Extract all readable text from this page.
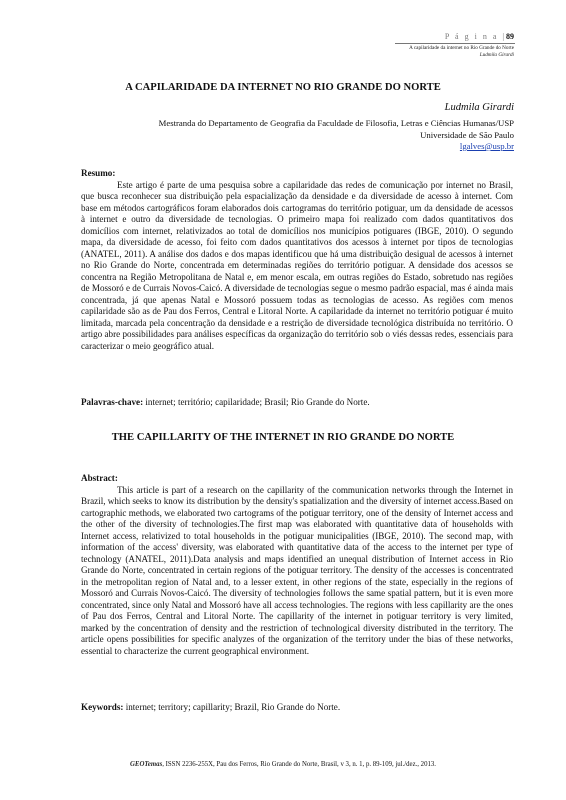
P á g i n a |89
A capilaridade da internet no Rio Grande do Norte
Ludmila Girardi
A CAPILARIDADE DA INTERNET NO RIO GRANDE DO NORTE
Ludmila Girardi
Mestranda do Departamento de Geografia da Faculdade de Filosofia, Letras e Ciências Humanas/USP
Universidade de São Paulo
lgalves@usp.br
Resumo:

Este artigo é parte de uma pesquisa sobre a capilaridade das redes de comunicação por internet no Brasil, que busca reconhecer sua distribuição pela espacialização da densidade e da diversidade de acesso à internet. Com base em métodos cartográficos foram elaborados dois cartogramas do território potiguar, um da densidade de acessos à internet e outro da diversidade de tecnologias. O primeiro mapa foi realizado com dados quantitativos dos domicílios com internet, relativizados ao total de domicílios nos municípios potiguares (IBGE, 2010). O segundo mapa, da diversidade de acesso, foi feito com dados quantitativos dos acessos à internet por tipos de tecnologias (ANATEL, 2011). A análise dos dados e dos mapas identificou que há uma distribuição desigual de acessos à internet no Rio Grande do Norte, concentrada em determinadas regiões do território potiguar. A densidade dos acessos se concentra na Região Metropolitana de Natal e, em menor escala, em outras regiões do Estado, sobretudo nas regiões de Mossoró e de Currais Novos-Caicó. A diversidade de tecnologias segue o mesmo padrão espacial, mas é ainda mais concentrada, já que apenas Natal e Mossoró possuem todas as tecnologias de acesso. As regiões com menos capilaridade são as de Pau dos Ferros, Central e Litoral Norte. A capilaridade da internet no território potiguar é muito limitada, marcada pela concentração da densidade e a restrição de diversidade tecnológica distribuída no território. O artigo abre possibilidades para análises específicas da organização do território sob o viés dessas redes, essenciais para caracterizar o meio geográfico atual.

Palavras-chave: internet; território; capilaridade; Brasil; Rio Grande do Norte.
THE CAPILLARITY OF THE INTERNET IN RIO GRANDE DO NORTE
Abstract:

This article is part of a research on the capillarity of the communication networks through the Internet in Brazil, which seeks to know its distribution by the density's spatialization and the diversity of internet access.Based on cartographic methods, we elaborated two cartograms of the potiguar territory, one of the density of Internet access and the other of the diversity of technologies.The first map was elaborated with quantitative data of households with Internet access, relativized to total households in the potiguar municipalities (IBGE, 2010). The second map, with information of the access' diversity, was elaborated with quantitative data of the access to the internet per type of technology (ANATEL, 2011).Data analysis and maps identified an unequal distribution of Internet access in Rio Grande do Norte, concentrated in certain regions of the potiguar territory. The density of the accesses is concentrated in the metropolitan region of Natal and, to a lesser extent, in other regions of the state, especially in the regions of Mossoró and Currais Novos-Caicó. The diversity of technologies follows the same spatial pattern, but it is even more concentrated, since only Natal and Mossoró have all access technologies. The regions with less capillarity are the ones of Pau dos Ferros, Central and Litoral Norte. The capillarity of the internet in potiguar territory is very limited, marked by the concentration of density and the restriction of technological diversity distributed in the territory. The article opens possibilities for specific analyzes of the organization of the territory under the bias of these networks, essential to characterize the current geographical environment.

Keywords: internet; territory; capillarity; Brazil, Rio Grande do Norte.
GEOTemas, ISSN 2236-255X, Pau dos Ferros, Rio Grande do Norte, Brasil, v 3, n. 1, p. 89-109, jul./dez., 2013.
